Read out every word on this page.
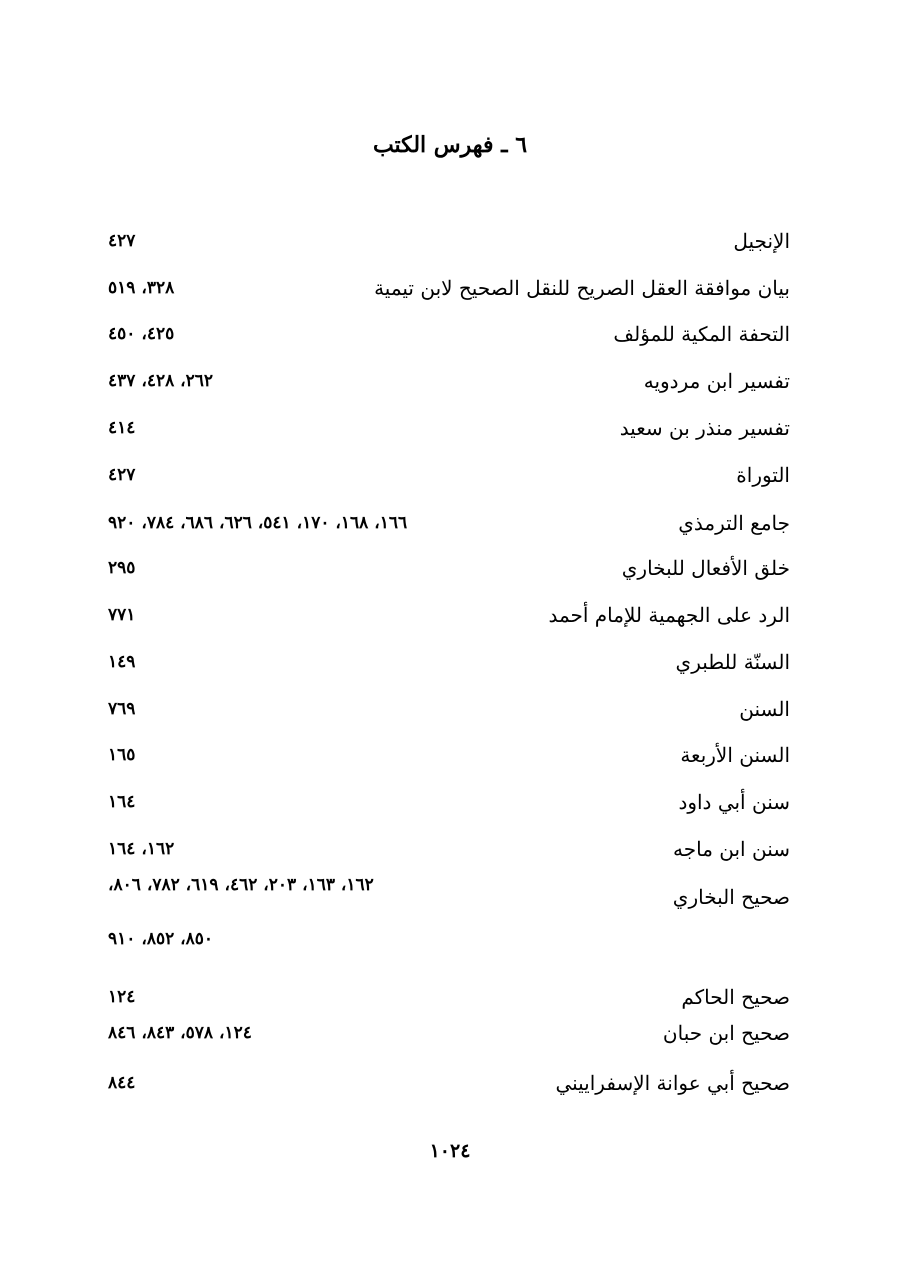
٦ ـ فهرس الكتب
الإنجيل
٤٢٧
بيان موافقة العقل الصريح للنقل الصحيح لابن تيمية
٣٢٨، ٥١٩
التحفة المكية للمؤلف
٤٢٥، ٤٥٠
تفسير ابن مردويه
٢٦٢، ٤٢٨، ٤٣٧
تفسير منذر بن سعيد
٤١٤
التوراة
٤٢٧
جامع الترمذي
١٦٦، ١٦٨، ١٧٠، ٥٤١، ٦٢٦، ٦٨٦، ٧٨٤، ٩٢٠
خلق الأفعال للبخاري
٢٩٥
الرد على الجهمية للإمام أحمد
٧٧١
السنّة للطبري
١٤٩
السنن
٧٦٩
السنن الأربعة
١٦٥
سنن أبي داود
١٦٤
سنن ابن ماجه
١٦٢، ١٦٤
صحيح البخاري
١٦٢، ١٦٣، ٢٠٣، ٤٦٢، ٦١٩، ٧٨٢، ٨٠٦،
٨٥٠، ٨٥٢، ٩١٠
صحيح الحاكم
١٢٤
صحيح ابن حبان
١٢٤، ٥٧٨، ٨٤٣، ٨٤٦
صحيح أبي عوانة الإسفراييني
٨٤٤
١٠٢٤
